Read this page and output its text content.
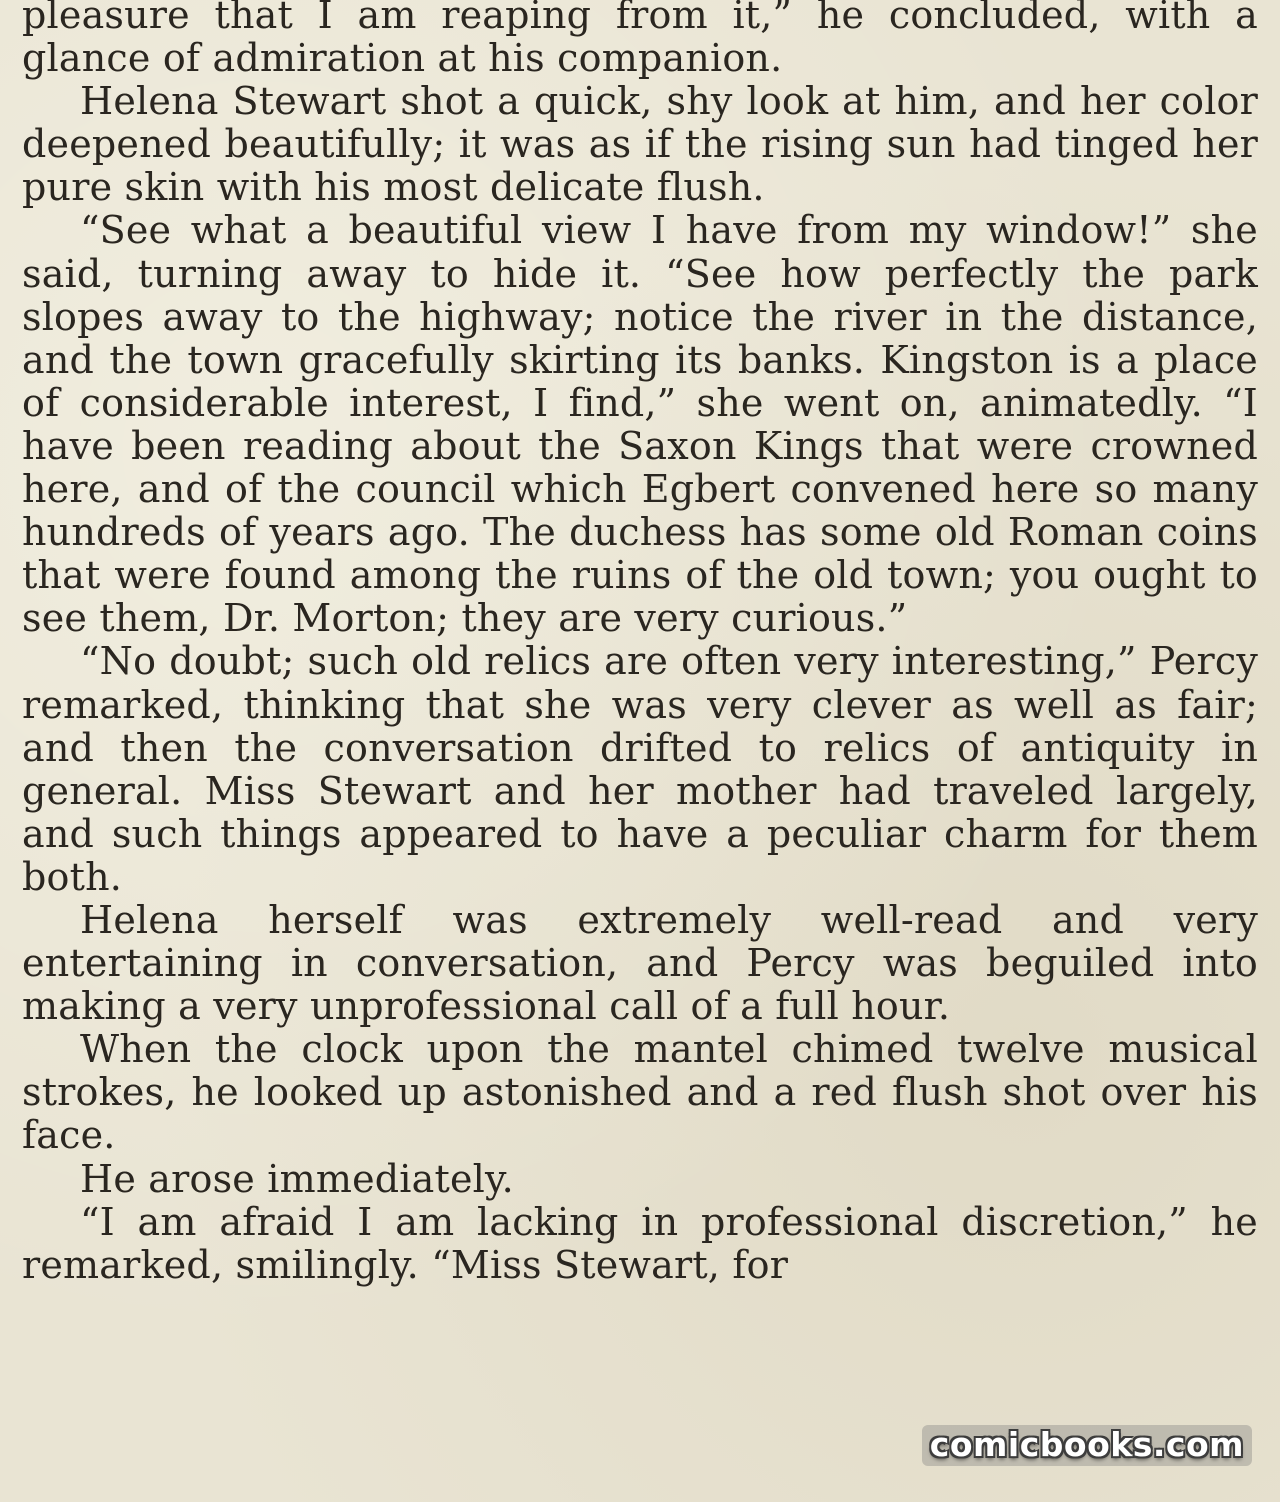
pleasure that I am reaping from it,” he concluded, with a glance of admiration at his companion.

Helena Stewart shot a quick, shy look at him, and her color deepened beautifully; it was as if the rising sun had tinged her pure skin with his most delicate flush.

“See what a beautiful view I have from my window!” she said, turning away to hide it. “See how perfectly the park slopes away to the highway; notice the river in the distance, and the town gracefully skirting its banks. Kingston is a place of considerable interest, I find,” she went on, animatedly. “I have been reading about the Saxon Kings that were crowned here, and of the council which Egbert convened here so many hundreds of years ago. The duchess has some old Roman coins that were found among the ruins of the old town; you ought to see them, Dr. Morton; they are very curious.”

“No doubt; such old relics are often very interesting,” Percy remarked, thinking that she was very clever as well as fair; and then the conversation drifted to relics of antiquity in general. Miss Stewart and her mother had traveled largely, and such things appeared to have a peculiar charm for them both.

Helena herself was extremely well-read and very entertaining in conversation, and Percy was beguiled into making a very unprofessional call of a full hour.

When the clock upon the mantel chimed twelve musical strokes, he looked up astonished and a red flush shot over his face.

He arose immediately.

“I am afraid I am lacking in professional discretion,” he remarked, smilingly. “Miss Stewart, for

comicbooks.com
